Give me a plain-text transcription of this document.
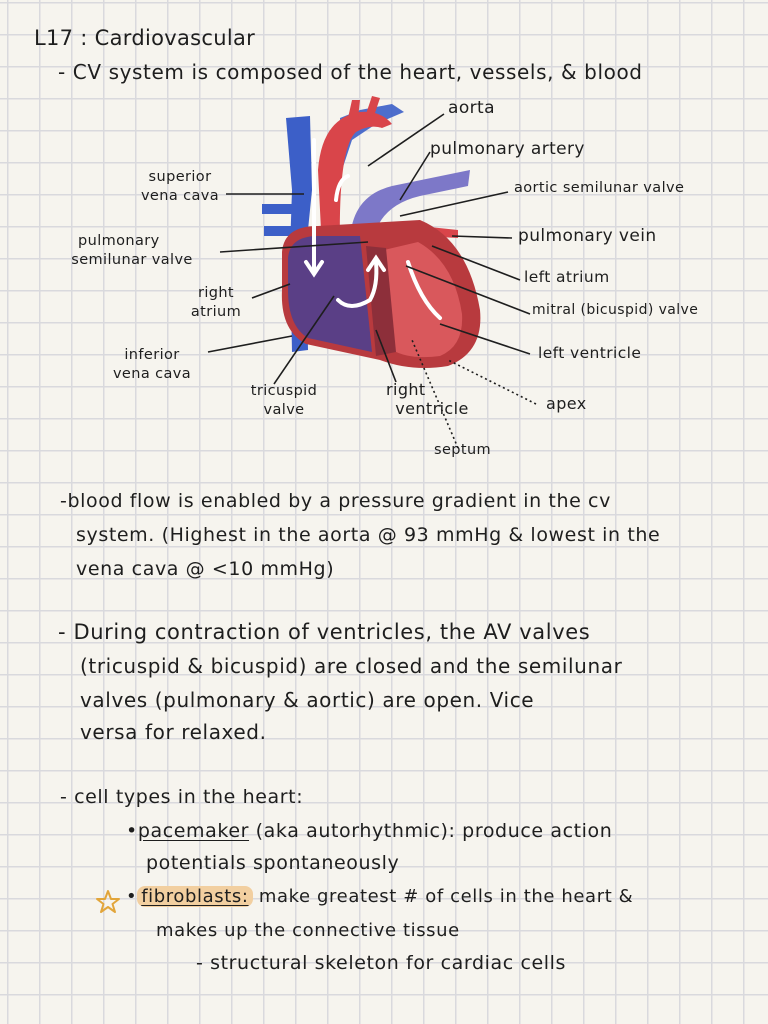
L17 : Cardiovascular
- CV system is composed of the heart, vessels, & blood
aorta
pulmonary artery
superior
vena cava	aortic semilunar valve
pulmonary
semilunar valve
pulmonary vein
right
atrium
left atrium
mitral (bicuspid) valve
inferior
vena cava
left ventricle
tricuspid
valve
right
ventricle	apex
septum
-blood flow is enabled by a pressure gradient in the cv
system. (Highest in the aorta @ 93 mmHg & lowest in the
vena cava @ <10 mmHg)
- During contraction of ventricles, the AV valves
(tricuspid & bicuspid) are closed and the semilunar
valves (pulmonary & aortic) are open. Vice
versa for relaxed.
- cell types in the heart:
•pacemaker (aka autorhythmic): produce action
potentials spontaneously
• fibroblasts: make greatest # of cells in the heart &
makes up the connective tissue
- structural skeleton for cardiac cells
